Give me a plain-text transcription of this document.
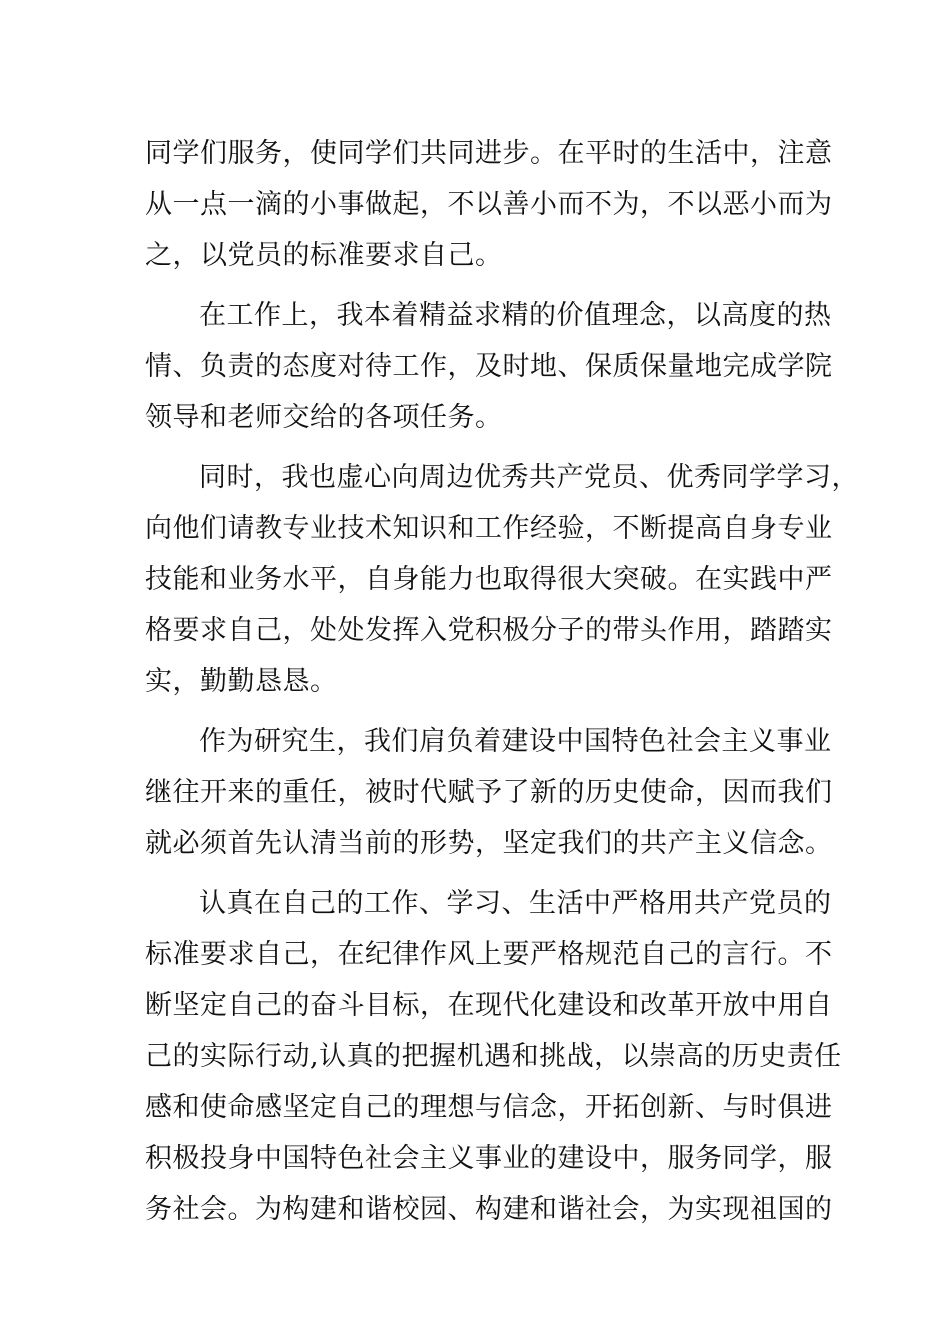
同学们服务，使同学们共同进步。在平时的生活中，注意
从一点一滴的小事做起，不以善小而不为，不以恶小而为
之，以党员的标准要求自己。
在工作上，我本着精益求精的价值理念，以高度的热
情、负责的态度对待工作，及时地、保质保量地完成学院
领导和老师交给的各项任务。
同时，我也虚心向周边优秀共产党员、优秀同学学习，
向他们请教专业技术知识和工作经验，不断提高自身专业
技能和业务水平，自身能力也取得很大突破。在实践中严
格要求自己，处处发挥入党积极分子的带头作用，踏踏实
实，勤勤恳恳。
作为研究生，我们肩负着建设中国特色社会主义事业
继往开来的重任，被时代赋予了新的历史使命，因而我们
就必须首先认清当前的形势，坚定我们的共产主义信念。
认真在自己的工作、学习、生活中严格用共产党员的
标准要求自己，在纪律作风上要严格规范自己的言行。不
断坚定自己的奋斗目标，在现代化建设和改革开放中用自
己的实际行动,认真的把握机遇和挑战，以崇高的历史责任
感和使命感坚定自己的理想与信念，开拓创新、与时俱进
积极投身中国特色社会主义事业的建设中，服务同学，服
务社会。为构建和谐校园、构建和谐社会，为实现祖国的
